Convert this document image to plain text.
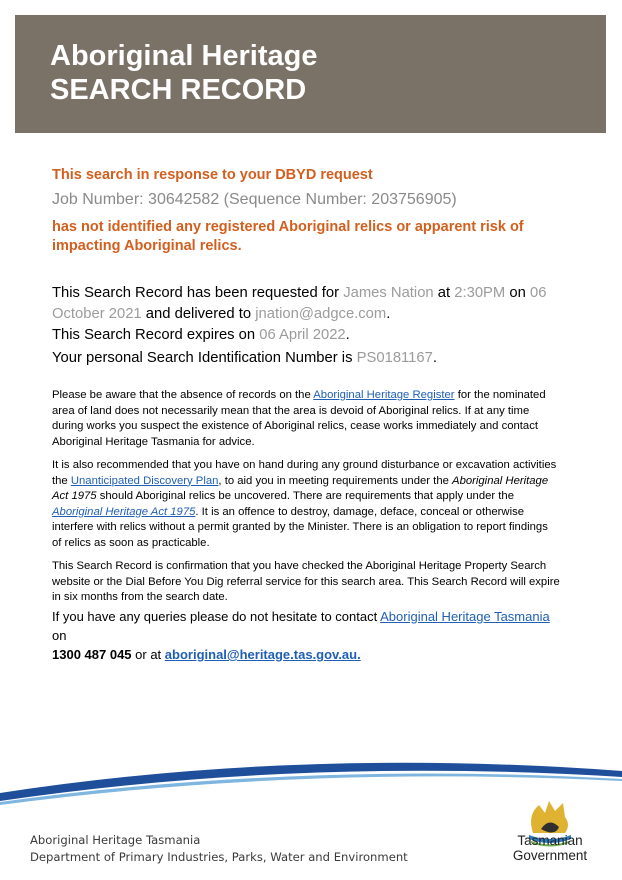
Aboriginal Heritage
SEARCH RECORD

This search in response to your DBYD request

Job Number: 30642582 (Sequence Number: 203756905)

has not identified any registered Aboriginal relics or apparent risk of impacting Aboriginal relics.

This Search Record has been requested for James Nation at 2:30PM on 06 October 2021 and delivered to jnation@adgce.com.

This Search Record expires on 06 April 2022.

Your personal Search Identification Number is PS0181167.

Please be aware that the absence of records on the Aboriginal Heritage Register for the nominated area of land does not necessarily mean that the area is devoid of Aboriginal relics. If at any time during works you suspect the existence of Aboriginal relics, cease works immediately and contact Aboriginal Heritage Tasmania for advice.

It is also recommended that you have on hand during any ground disturbance or excavation activities the Unanticipated Discovery Plan, to aid you in meeting requirements under the Aboriginal Heritage Act 1975 should Aboriginal relics be uncovered. There are requirements that apply under the Aboriginal Heritage Act 1975. It is an offence to destroy, damage, deface, conceal or otherwise interfere with relics without a permit granted by the Minister. There is an obligation to report findings of relics as soon as practicable.

This Search Record is confirmation that you have checked the Aboriginal Heritage Property Search website or the Dial Before You Dig referral service for this search area. This Search Record will expire in six months from the search date.

If you have any queries please do not hesitate to contact Aboriginal Heritage Tasmania on
1300 487 045 or at aboriginal@heritage.tas.gov.au.

Aboriginal Heritage Tasmania
Department of Primary Industries, Parks, Water and Environment

Tasmanian
Government
